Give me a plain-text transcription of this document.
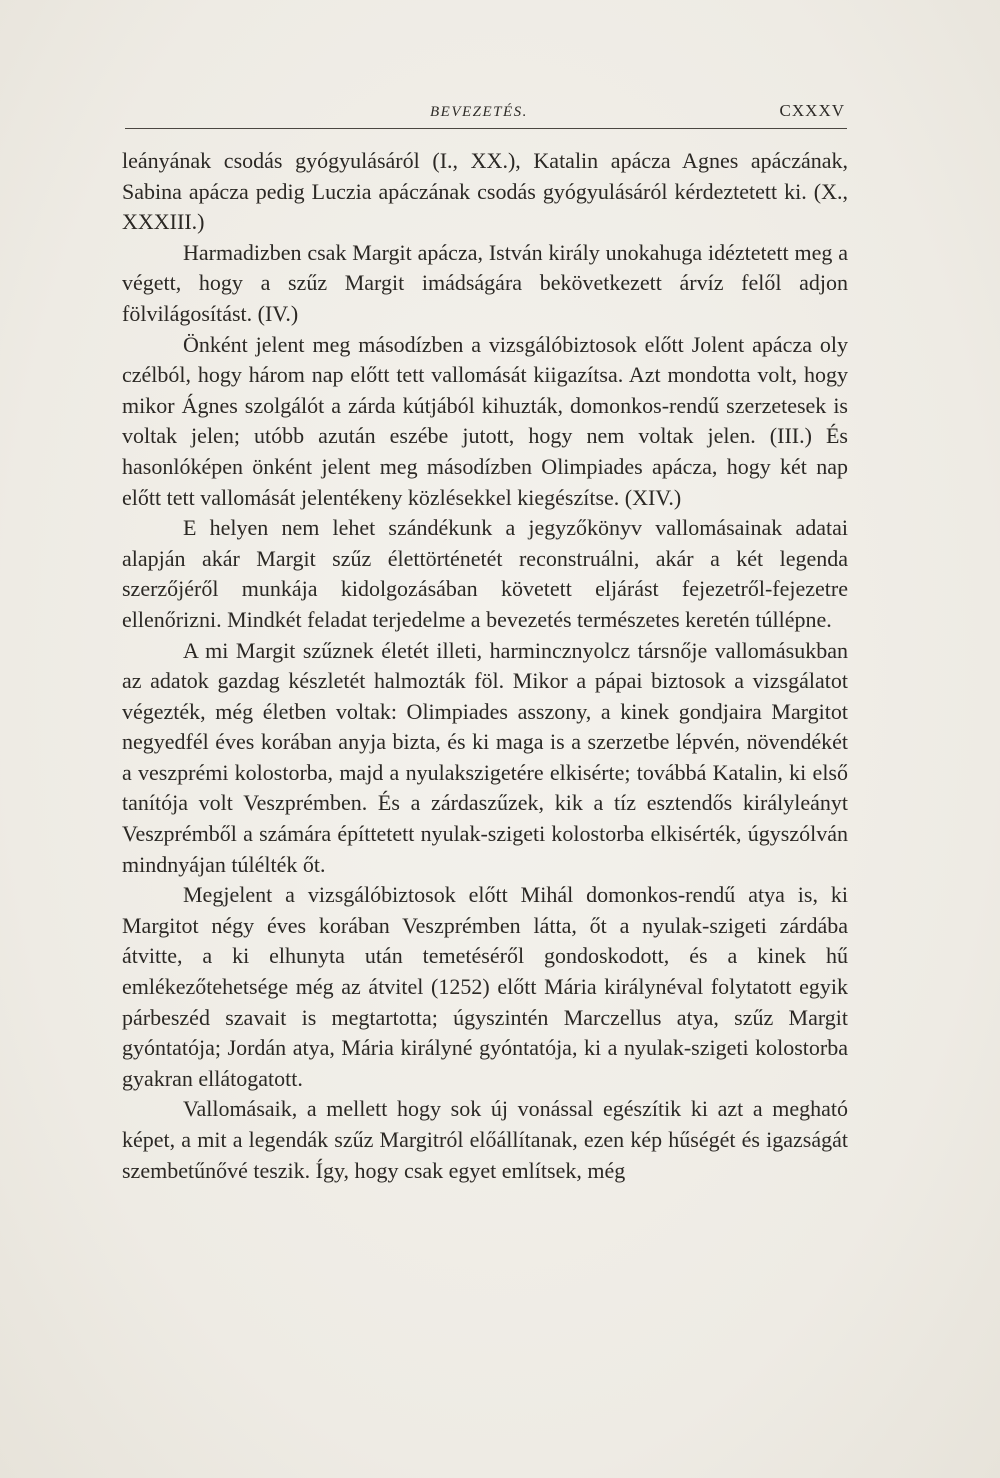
BEVEZETÉS.	CXXXV

leányának csodás gyógyulásáról (I., XX.), Katalin apácza Agnes apáczának, Sabina apácza pedig Luczia apáczának csodás gyógyulásáról kérdeztetett ki. (X., XXXIII.)

Harmadizben csak Margit apácza, István király unokahuga idéztetett meg a végett, hogy a szűz Margit imádságára bekövetkezett árvíz felől adjon fölvilágosítást. (IV.)

Önként jelent meg másodízben a vizsgálóbiztosok előtt Jolent apácza oly czélból, hogy három nap előtt tett vallomását kiigazítsa. Azt mondotta volt, hogy mikor Ágnes szolgálót a zárda kútjából kihuzták, domonkos-rendű szerzetesek is voltak jelen; utóbb azután eszébe jutott, hogy nem voltak jelen. (III.) És hasonlóképen önként jelent meg másodízben Olimpiades apácza, hogy két nap előtt tett vallomását jelentékeny közlésekkel kiegészítse. (XIV.)

E helyen nem lehet szándékunk a jegyzőkönyv vallomásainak adatai alapján akár Margit szűz élettörténetét reconstruálni, akár a két legenda szerzőjéről munkája kidolgozásában követett eljárást fejezetről-fejezetre ellenőrizni. Mindkét feladat terjedelme a bevezetés természetes keretén túllépne.

A mi Margit szűznek életét illeti, harmincznyolcz társnője vallomásukban az adatok gazdag készletét halmozták föl. Mikor a pápai biztosok a vizsgálatot végezték, még életben voltak: Olimpiades asszony, a kinek gondjaira Margitot negyedfél éves korában anyja bizta, és ki maga is a szerzetbe lépvén, növendékét a veszprémi kolostorba, majd a nyulakszigetére elkisérte; továbbá Katalin, ki első tanítója volt Veszprémben. És a zárdaszűzek, kik a tíz esztendős királyleányt Veszprémből a számára építtetett nyulak-szigeti kolostorba elkisérték, úgyszólván mindnyájan túlélték őt.

Megjelent a vizsgálóbiztosok előtt Mihál domonkos-rendű atya is, ki Margitot négy éves korában Veszprémben látta, őt a nyulak-szigeti zárdába átvitte, a ki elhunyta után temetéséről gondoskodott, és a kinek hű emlékezőtehetsége még az átvitel (1252) előtt Mária királynéval folytatott egyik párbeszéd szavait is megtartotta; úgyszintén Marczellus atya, szűz Margit gyóntatója; Jordán atya, Mária királyné gyóntatója, ki a nyulak-szigeti kolostorba gyakran ellátogatott.

Vallomásaik, a mellett hogy sok új vonással egészítik ki azt a megható képet, a mit a legendák szűz Margitról előállítanak, ezen kép hűségét és igazságát szembetűnővé teszik. Így, hogy csak egyet említsek, még
